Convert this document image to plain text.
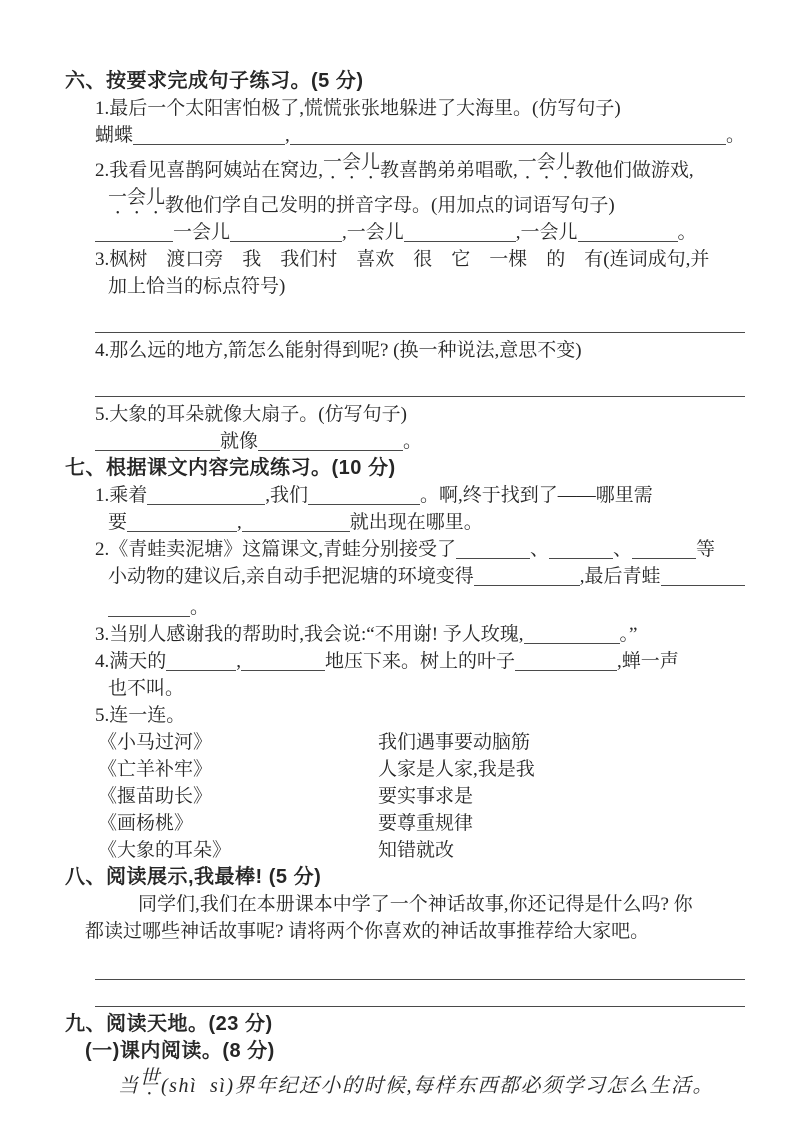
六、按要求完成句子练习。(5 分)
1.最后一个太阳害怕极了,慌慌张张地躲进了大海里。(仿写句子)
蝴蝶	,	。
2.我看见喜鹊阿姨站在窝边, 一会儿 教喜鹊弟弟唱歌, 一会儿 教他们做游戏,
一会儿 教他们学自己发明的拼音字母。(用加点的词语写句子)
一会儿	,一会儿	,一会儿	。
3.枫树　渡口旁　我　我们村　喜欢　很　它　一棵　的　有(连词成句,并
加上恰当的标点符号)
4.那么远的地方,箭怎么能射得到呢? (换一种说法,意思不变)
5.大象的耳朵就像大扇子。(仿写句子)
就像	。
七、根据课文内容完成练习。(10 分)
1.乘着	,我们	。啊,终于找到了——哪里需
要	,	就出现在哪里。
2.《青蛙卖泥塘》这篇课文,青蛙分别接受了	、	、	等
小动物的建议后,亲自动手把泥塘的环境变得	,最后青蛙
。
3.当别人感谢我的帮助时,我会说:“不用谢! 予人玫瑰,	。”
4.满天的	,	地压下来。树上的叶子	,蝉一声
也不叫。
5.连一连。
《小马过河》	我们遇事要动脑筋
《亡羊补牢》	人家是人家,我是我
《揠苗助长》	要实事求是
《画杨桃》	要尊重规律
《大象的耳朵》	知错就改
八、阅读展示,我最棒! (5 分)
同学们,我们在本册课本中学了一个神话故事,你还记得是什么吗? 你
都读过哪些神话故事呢? 请将两个你喜欢的神话故事推荐给大家吧。
九、阅读天地。(23 分)
(一)课内阅读。(8 分)
当 世 (shì  sì)界年纪还小的时候,每样东西都必须学习怎么生活。
